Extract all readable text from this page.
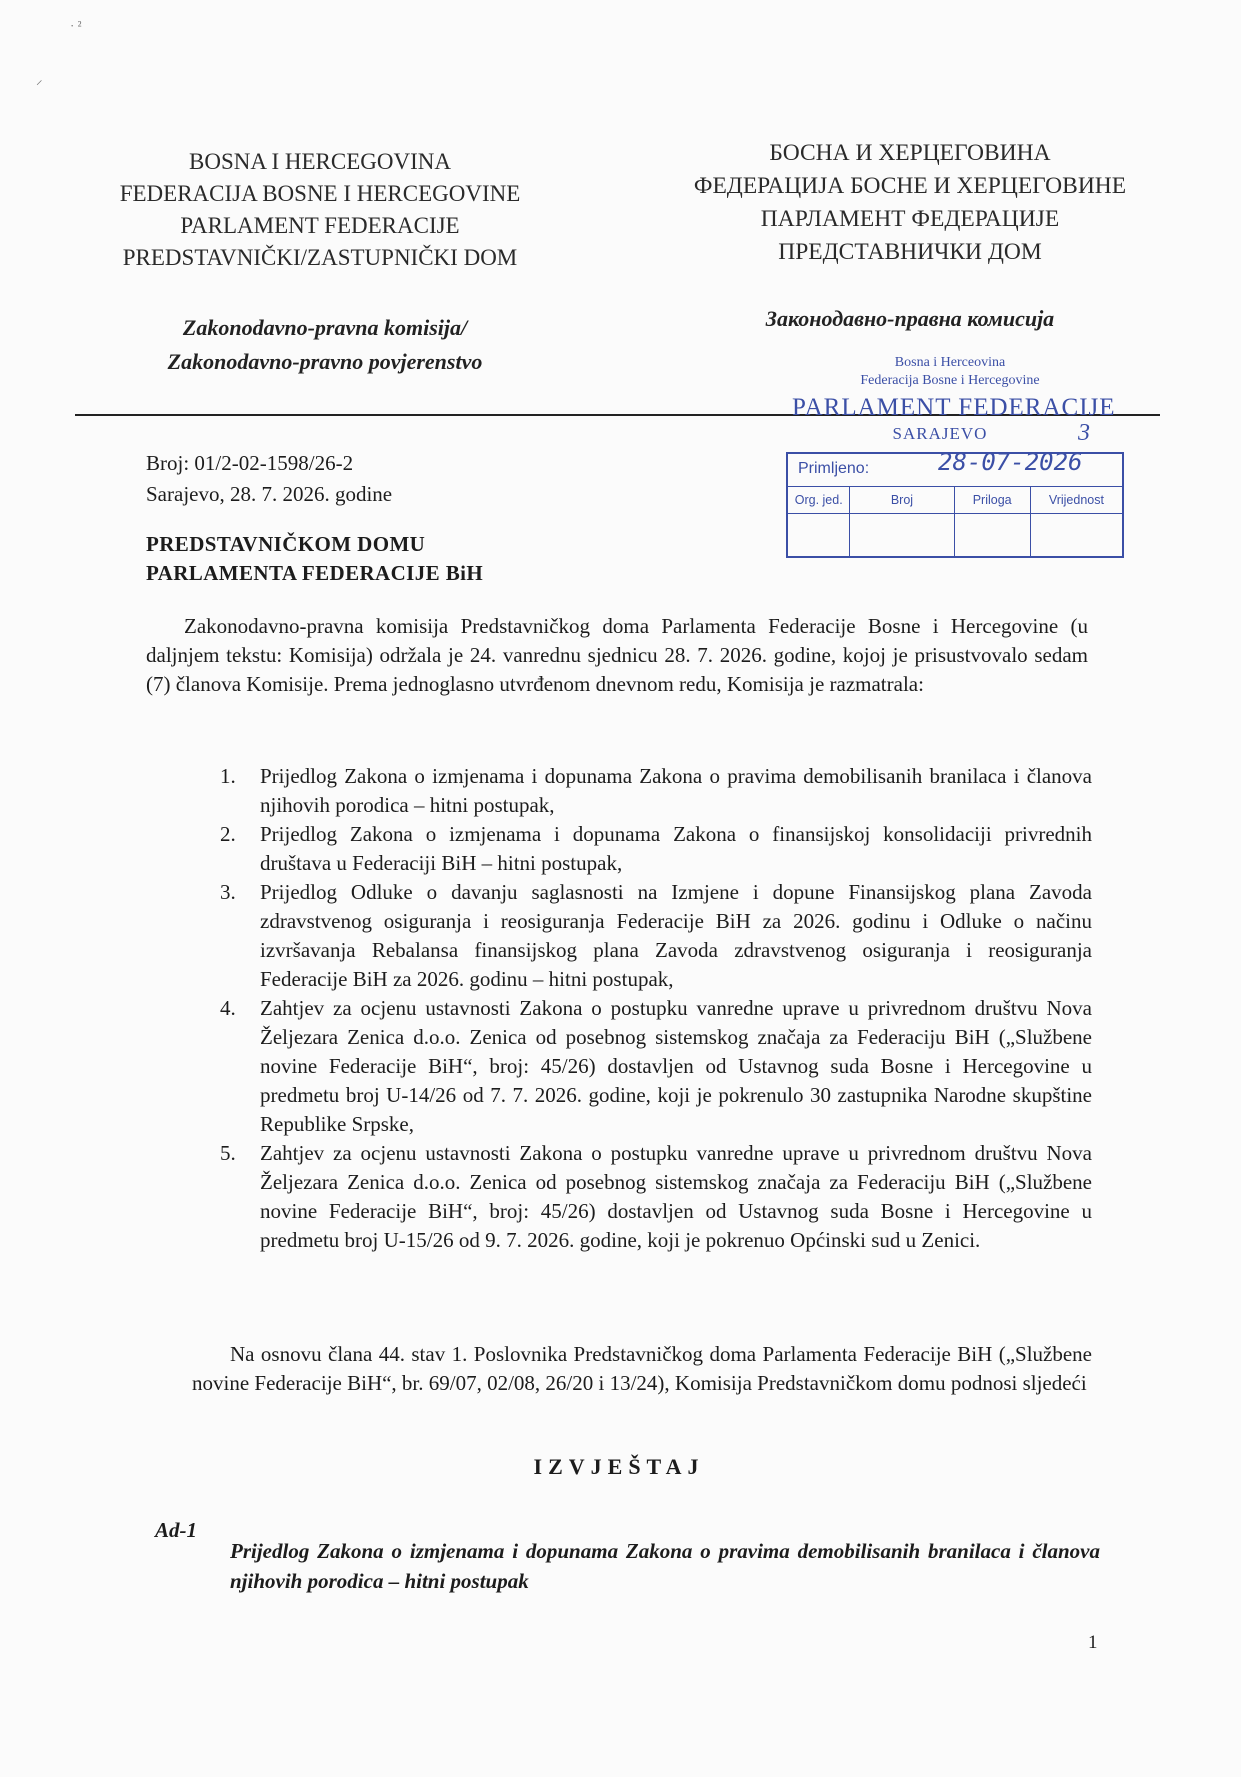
· ²
⸝
BOSNA I HERCEGOVINA
FEDERACIJA BOSNE I HERCEGOVINE
PARLAMENT FEDERACIJE
PREDSTAVNIČKI/ZASTUPNIČKI DOM
БОСНА И ХЕРЦЕГОВИНА
ФЕДЕРАЦИЈА БОСНЕ И ХЕРЦЕГОВИНЕ
ПАРЛАМЕНТ ФЕДЕРАЦИЈЕ
ПРЕДСТАВНИЧКИ ДОМ
Zakonodavno-pravna komisija/
Zakonodavno-pravno povjerenstvo
Законодавно-правна комисија
Bosna i Herceovina
Federacija Bosne i Hercegovine
PARLAMENT FEDERACIJE
SARAJEVO	3
Primljeno:	28-07-2026
Org. jed.	Broj	Priloga	Vrijednost
Broj: 01/2-02-1598/26-2
Sarajevo, 28. 7. 2026. godine
PREDSTAVNIČKOM DOMU
PARLAMENTA FEDERACIJE BiH
Zakonodavno-pravna komisija Predstavničkog doma Parlamenta Federacije Bosne i Hercegovine (u daljnjem tekstu: Komisija) održala je 24. vanrednu sjednicu 28. 7. 2026. godine, kojoj je prisustvovalo sedam (7) članova Komisije. Prema jednoglasno utvrđenom dnevnom redu, Komisija je razmatrala:
1. Prijedlog Zakona o izmjenama i dopunama Zakona o pravima demobilisanih branilaca i članova njihovih porodica – hitni postupak,
2. Prijedlog Zakona o izmjenama i dopunama Zakona o finansijskoj konsolidaciji privrednih društava u Federaciji BiH – hitni postupak,
3. Prijedlog Odluke o davanju saglasnosti na Izmjene i dopune Finansijskog plana Zavoda zdravstvenog osiguranja i reosiguranja Federacije BiH za 2026. godinu i Odluke o načinu izvršavanja Rebalansa finansijskog plana Zavoda zdravstvenog osiguranja i reosiguranja Federacije BiH za 2026. godinu – hitni postupak,
4. Zahtjev za ocjenu ustavnosti Zakona o postupku vanredne uprave u privrednom društvu Nova Željezara Zenica d.o.o. Zenica od posebnog sistemskog značaja za Federaciju BiH („Službene novine Federacije BiH“, broj: 45/26) dostavljen od Ustavnog suda Bosne i Hercegovine u predmetu broj U-14/26 od 7. 7. 2026. godine, koji je pokrenulo 30 zastupnika Narodne skupštine Republike Srpske,
5. Zahtjev za ocjenu ustavnosti Zakona o postupku vanredne uprave u privrednom društvu Nova Željezara Zenica d.o.o. Zenica od posebnog sistemskog značaja za Federaciju BiH („Službene novine Federacije BiH“, broj: 45/26) dostavljen od Ustavnog suda Bosne i Hercegovine u predmetu broj U-15/26 od 9. 7. 2026. godine, koji je pokrenuo Općinski sud u Zenici.
Na osnovu člana 44. stav 1. Poslovnika Predstavničkog doma Parlamenta Federacije BiH („Službene novine Federacije BiH“, br. 69/07, 02/08, 26/20 i 13/24), Komisija Predstavničkom domu podnosi sljedeći
IZVJEŠTAJ
Ad-1
Prijedlog Zakona o izmjenama i dopunama Zakona o pravima demobilisanih branilaca i članova njihovih porodica – hitni postupak
1
